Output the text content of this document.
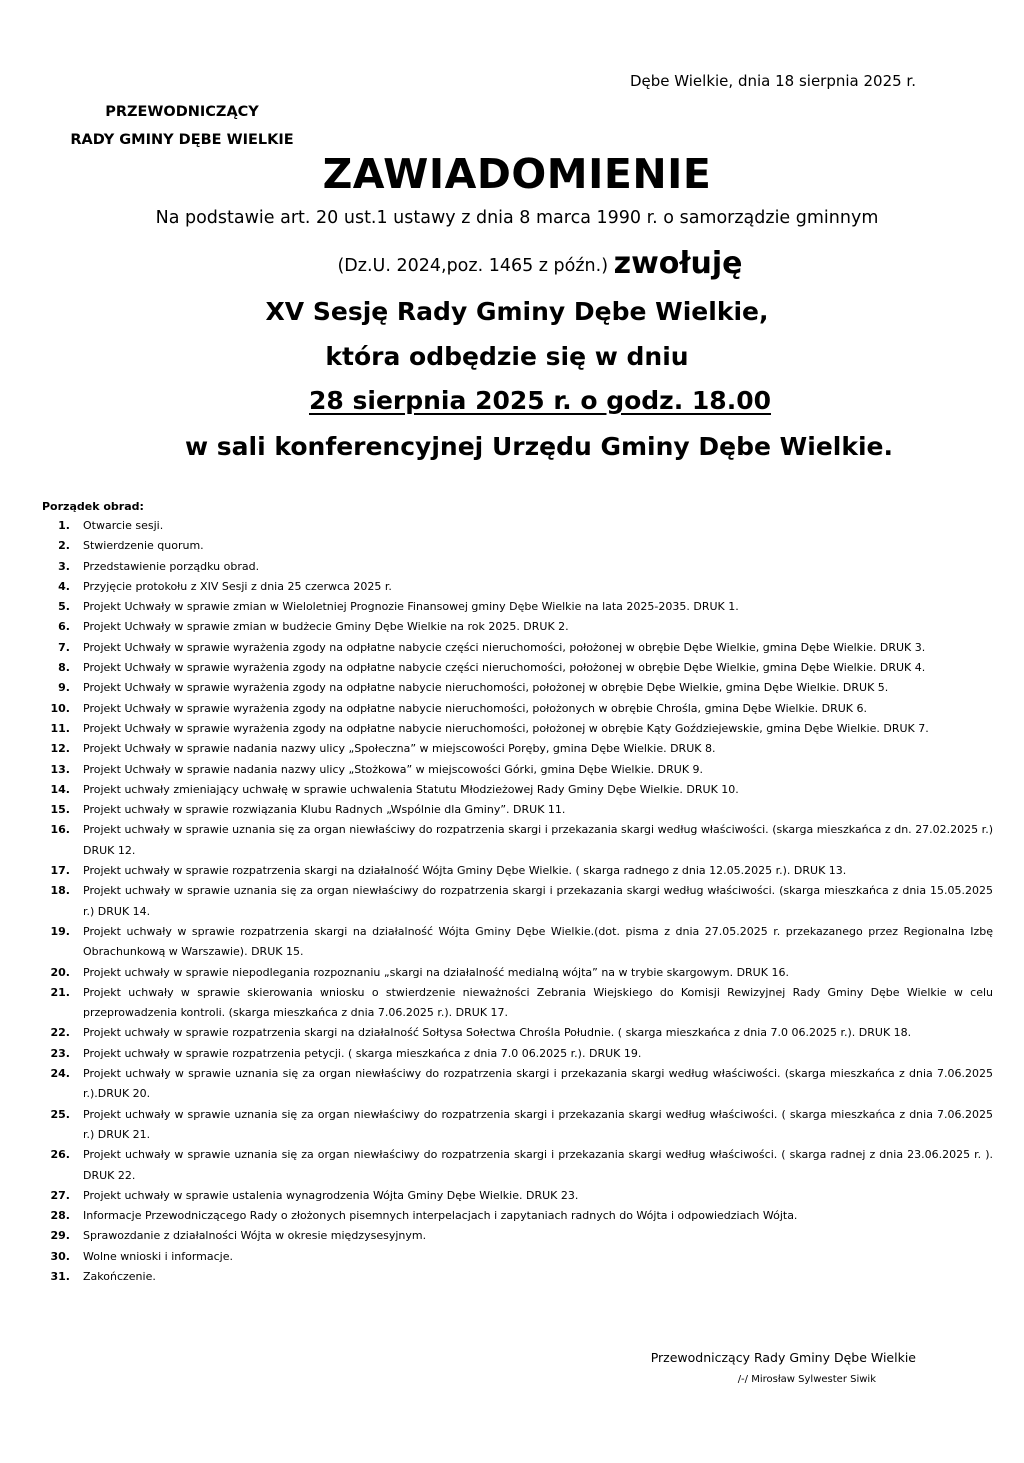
Dębe Wielkie, dnia 18 sierpnia 2025 r.
PRZEWODNICZĄCY
RADY GMINY DĘBE WIELKIE
ZAWIADOMIENIE
Na podstawie art. 20 ust.1 ustawy z dnia 8 marca 1990 r. o samorządzie gminnym
(Dz.U. 2024,poz. 1465 z późn.) zwołuję
XV Sesję Rady Gminy Dębe Wielkie,
która odbędzie się w dniu
28 sierpnia 2025 r. o godz. 18.00
w sali konferencyjnej Urzędu Gminy Dębe Wielkie.
Porządek obrad:
1.	Otwarcie sesji.
2.	Stwierdzenie quorum.
3.	Przedstawienie porządku obrad.
4.	Przyjęcie protokołu z XIV Sesji z dnia 25 czerwca 2025 r.
5.	Projekt Uchwały w sprawie zmian w Wieloletniej Prognozie Finansowej gminy Dębe Wielkie na lata 2025-2035. DRUK 1.
6.	Projekt Uchwały w sprawie zmian w budżecie Gminy Dębe Wielkie na rok 2025. DRUK 2.
7.	Projekt Uchwały w sprawie wyrażenia zgody na odpłatne nabycie części nieruchomości, położonej w obrębie Dębe Wielkie, gmina Dębe Wielkie. DRUK 3.
8.	Projekt Uchwały w sprawie wyrażenia zgody na odpłatne nabycie części nieruchomości, położonej w obrębie Dębe Wielkie, gmina Dębe Wielkie. DRUK 4.
9.	Projekt Uchwały w sprawie wyrażenia zgody na odpłatne nabycie nieruchomości, położonej w obrębie Dębe Wielkie, gmina Dębe Wielkie. DRUK 5.
10.	Projekt Uchwały w sprawie wyrażenia zgody na odpłatne nabycie nieruchomości, położonych w obrębie Chrośla, gmina Dębe Wielkie. DRUK 6.
11.	Projekt Uchwały w sprawie wyrażenia zgody na odpłatne nabycie nieruchomości, położonej w obrębie Kąty Goździejewskie, gmina Dębe Wielkie. DRUK 7.
12.	Projekt Uchwały w sprawie nadania nazwy ulicy „Społeczna” w miejscowości Poręby, gmina Dębe Wielkie. DRUK 8.
13.	Projekt Uchwały w sprawie nadania nazwy ulicy „Stożkowa” w miejscowości Górki, gmina Dębe Wielkie. DRUK 9.
14.	Projekt uchwały zmieniający uchwałę w sprawie uchwalenia Statutu Młodzieżowej Rady Gminy Dębe Wielkie. DRUK 10.
15.	Projekt uchwały w sprawie rozwiązania Klubu Radnych „Wspólnie dla Gminy”. DRUK 11.
16.	Projekt uchwały w sprawie uznania się za organ niewłaściwy do rozpatrzenia skargi i przekazania skargi według właściwości. (skarga mieszkańca z dn. 27.02.2025 r.) DRUK 12.
17.	Projekt uchwały w sprawie rozpatrzenia skargi na działalność Wójta Gminy Dębe Wielkie. ( skarga radnego z dnia 12.05.2025 r.). DRUK 13.
18.	Projekt uchwały w sprawie uznania się za organ niewłaściwy do rozpatrzenia skargi i przekazania skargi według właściwości. (skarga mieszkańca z dnia 15.05.2025 r.) DRUK 14.
19.	Projekt uchwały w sprawie rozpatrzenia skargi na działalność Wójta Gminy Dębe Wielkie.(dot. pisma z dnia 27.05.2025 r. przekazanego przez Regionalna Izbę Obrachunkową w Warszawie). DRUK 15.
20.	Projekt uchwały w sprawie niepodlegania rozpoznaniu „skargi na działalność medialną wójta” na w trybie skargowym. DRUK 16.
21.	Projekt uchwały w sprawie skierowania wniosku o stwierdzenie nieważności Zebrania Wiejskiego do Komisji Rewizyjnej Rady Gminy Dębe Wielkie w celu przeprowadzenia kontroli. (skarga mieszkańca z dnia 7.06.2025 r.). DRUK 17.
22.	Projekt uchwały w sprawie rozpatrzenia skargi na działalność Sołtysa Sołectwa Chrośla Południe. ( skarga mieszkańca z dnia 7.0 06.2025 r.). DRUK 18.
23.	Projekt uchwały w sprawie rozpatrzenia petycji. ( skarga mieszkańca z dnia 7.0 06.2025 r.). DRUK 19.
24.	Projekt uchwały w sprawie uznania się za organ niewłaściwy do rozpatrzenia skargi i przekazania skargi według właściwości. (skarga mieszkańca z dnia 7.06.2025 r.).DRUK 20.
25.	Projekt uchwały w sprawie uznania się za organ niewłaściwy do rozpatrzenia skargi i przekazania skargi według właściwości. ( skarga mieszkańca z dnia 7.06.2025 r.) DRUK 21.
26.	Projekt uchwały w sprawie uznania się za organ niewłaściwy do rozpatrzenia skargi i przekazania skargi według właściwości. ( skarga radnej z dnia 23.06.2025 r. ). DRUK 22.
27.	Projekt uchwały w sprawie ustalenia wynagrodzenia Wójta Gminy Dębe Wielkie. DRUK 23.
28.	Informacje Przewodniczącego Rady o złożonych pisemnych interpelacjach i zapytaniach radnych do Wójta i odpowiedziach Wójta.
29.	Sprawozdanie z działalności Wójta w okresie międzysesyjnym.
30.	Wolne wnioski i informacje.
31.	Zakończenie.
Przewodniczący Rady Gminy Dębe Wielkie
/-/ Mirosław Sylwester Siwik
